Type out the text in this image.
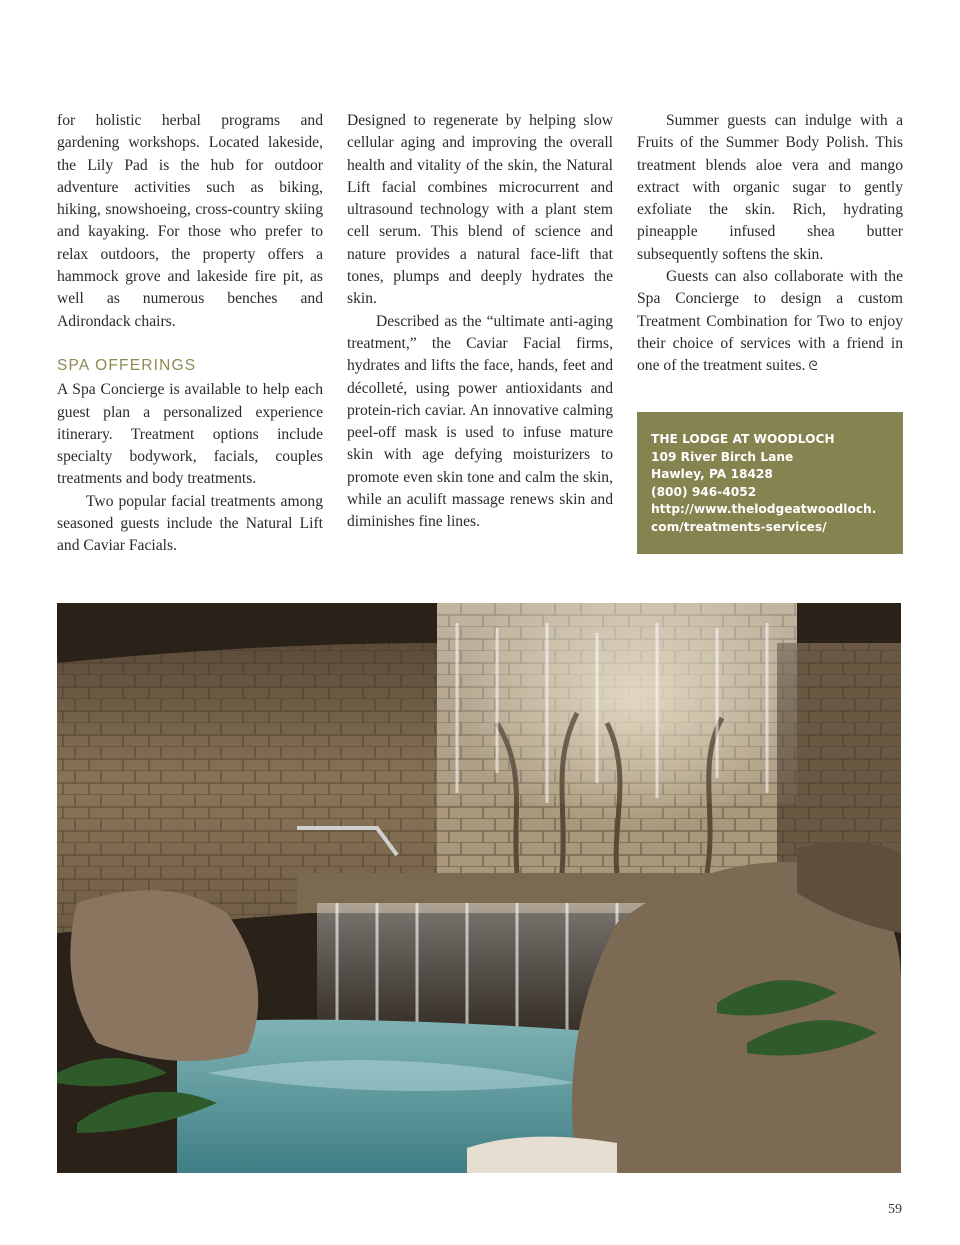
for holistic herbal programs and gardening workshops. Located lakeside, the Lily Pad is the hub for outdoor adventure activities such as biking, hiking, snowshoeing, cross-country skiing and kayaking. For those who prefer to relax outdoors, the property offers a hammock grove and lakeside fire pit, as well as numerous benches and Adirondack chairs.

SPA OFFERINGS

A Spa Concierge is available to help each guest plan a personalized experience itinerary. Treatment options include specialty bodywork, facials, couples treatments and body treatments.

Two popular facial treatments among seasoned guests include the Natural Lift and Caviar Facials.

Designed to regenerate by helping slow cellular aging and improving the overall health and vitality of the skin, the Natural Lift facial combines microcurrent and ultrasound technology with a plant stem cell serum. This blend of science and nature provides a natural face-lift that tones, plumps and deeply hydrates the skin.

Described as the “ultimate anti-aging treatment,” the Caviar Facial firms, hydrates and lifts the face, hands, feet and décolleté, using power antioxidants and protein-rich caviar. An innovative calming peel-off mask is used to infuse mature skin with age defying moisturizers to promote even skin tone and calm the skin, while an aculift massage renews skin and diminishes fine lines.

Summer guests can indulge with a Fruits of the Summer Body Polish. This treatment blends aloe vera and mango extract with organic sugar to gently exfoliate the skin. Rich, hydrating pineapple infused shea butter subsequently softens the skin.

Guests can also collaborate with the Spa Concierge to design a custom Treatment Combination for Two to enjoy their choice of services with a friend in one of the treatment suites. ᘓ

THE LODGE AT WOODLOCH
109 River Birch Lane
Hawley, PA 18428
(800) 946-4052
http://www.thelodgeatwoodloch.
com/treatments-services/
59
